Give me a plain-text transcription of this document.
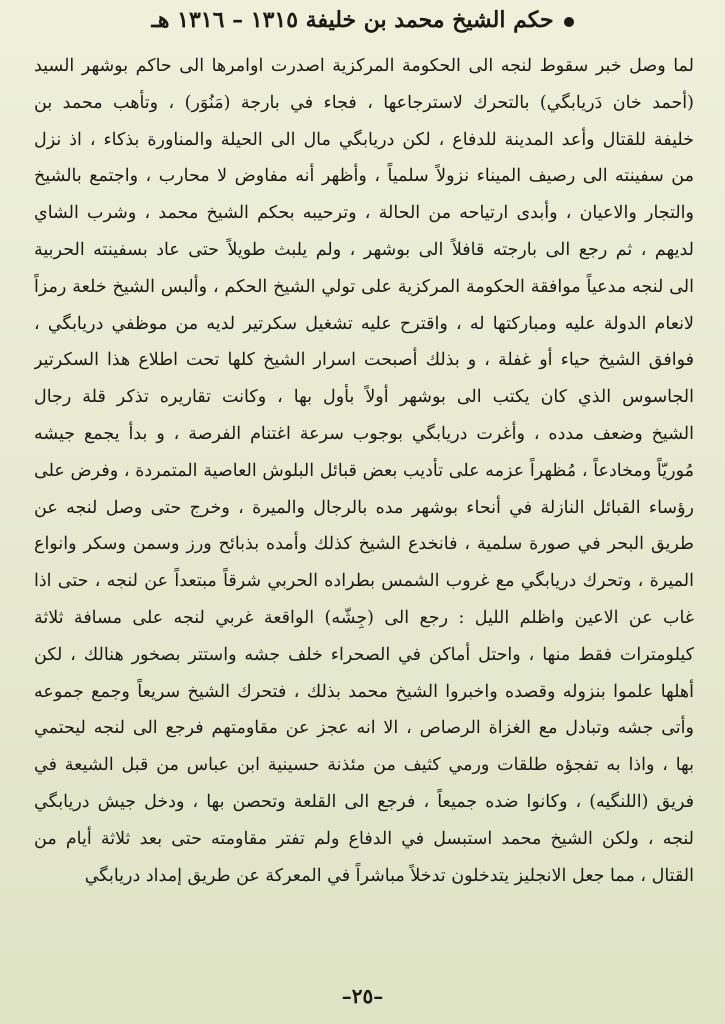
حكم الشيخ محمد بن خليفة ١٣١٥ – ١٣١٦ هـ
لما وصل خبر سقوط لنجه الى الحكومة المركزية اصدرت اوامرها الى حاكم بوشهر السيد
(أحمد خان دَريابگي) بالتحرك لاسترجاعها ، فجاء في بارجة (مَنُوَر) ، وتأهب محمد بن
خليفة للقتال وأعد المدينة للدفاع ، لكن دريابگي مال الى الحيلة والمناورة بذكاء ، اذ نزل
من سفينته الى رصيف الميناء نزولاً سلمياً ، وأظهر أنه مفاوض لا محارب ، واجتمع بالشيخ
والتجار والاعيان ، وأبدى ارتياحه من الحالة ، وترحيبه بحكم الشيخ محمد ، وشرب الشاي
لديهم ، ثم رجع الى بارجته قافلاً الى بوشهر ، ولم يلبث طويلاً حتى عاد بسفينته الحربية
الى لنجه مدعياً موافقة الحكومة المركزية على تولي الشيخ الحكم ، وألبس الشيخ خلعة رمزاً
لانعام الدولة عليه ومباركتها له ، واقترح عليه تشغيل سكرتير لديه من موظفي دريابگي ،
فوافق الشيخ حياء أو غفلة ، و بذلك أصبحت اسرار الشيخ كلها تحت اطلاع هذا السكرتير
الجاسوس الذي كان يكتب الى بوشهر أولاً بأول بها ، وكانت تقاريره تذكر قلة رجال
الشيخ وضعف مدده ، وأغرت دريابگي بوجوب سرعة اغتنام الفرصة ، و بدأ يجمع جيشه
مُوريّاً ومخادعاً ، مُظهراً عزمه على تأديب بعض قبائل البلوش العاصية المتمردة ، وفرض على
رؤساء القبائل النازلة في أنحاء بوشهر مده بالرجال والميرة ، وخرج حتى وصل لنجه عن
طريق البحر في صورة سلمية ، فانخدع الشيخ كذلك وأمده بذبائح ورز وسمن وسكر وانواع
الميرة ، وتحرك دريابگي مع غروب الشمس بطراده الحربي شرقاً مبتعداً عن لنجه ، حتى اذا
غاب عن الاعين واظلم الليل : رجع الى (جِشّه) الواقعة غربي لنجه على مسافة ثلاثة
كيلومترات فقط منها ، واحتل أماكن في الصحراء خلف جشه واستتر بصخور هنالك ، لكن
أهلها علموا بنزوله وقصده واخبروا الشيخ محمد بذلك ، فتحرك الشيخ سريعاً وجمع جموعه
وأتى جشه وتبادل مع الغزاة الرصاص ، الا انه عجز عن مقاومتهم فرجع الى لنجه ليحتمي
بها ، واذا به تفجؤه طلقات ورمي كثيف من مئذنة حسينية ابن عباس من قبل الشيعة في
فريق (اللنگيه) ، وكانوا ضده جميعاً ، فرجع الى القلعة وتحصن بها ، ودخل جيش دريابگي
لنجه ، ولكن الشيخ محمد استبسل في الدفاع ولم تفتر مقاومته حتى بعد ثلاثة أيام من
القتال ، مما جعل الانجليز يتدخلون تدخلاً مباشراً في المعركة عن طريق إمداد دريابگي
–٢٥–
